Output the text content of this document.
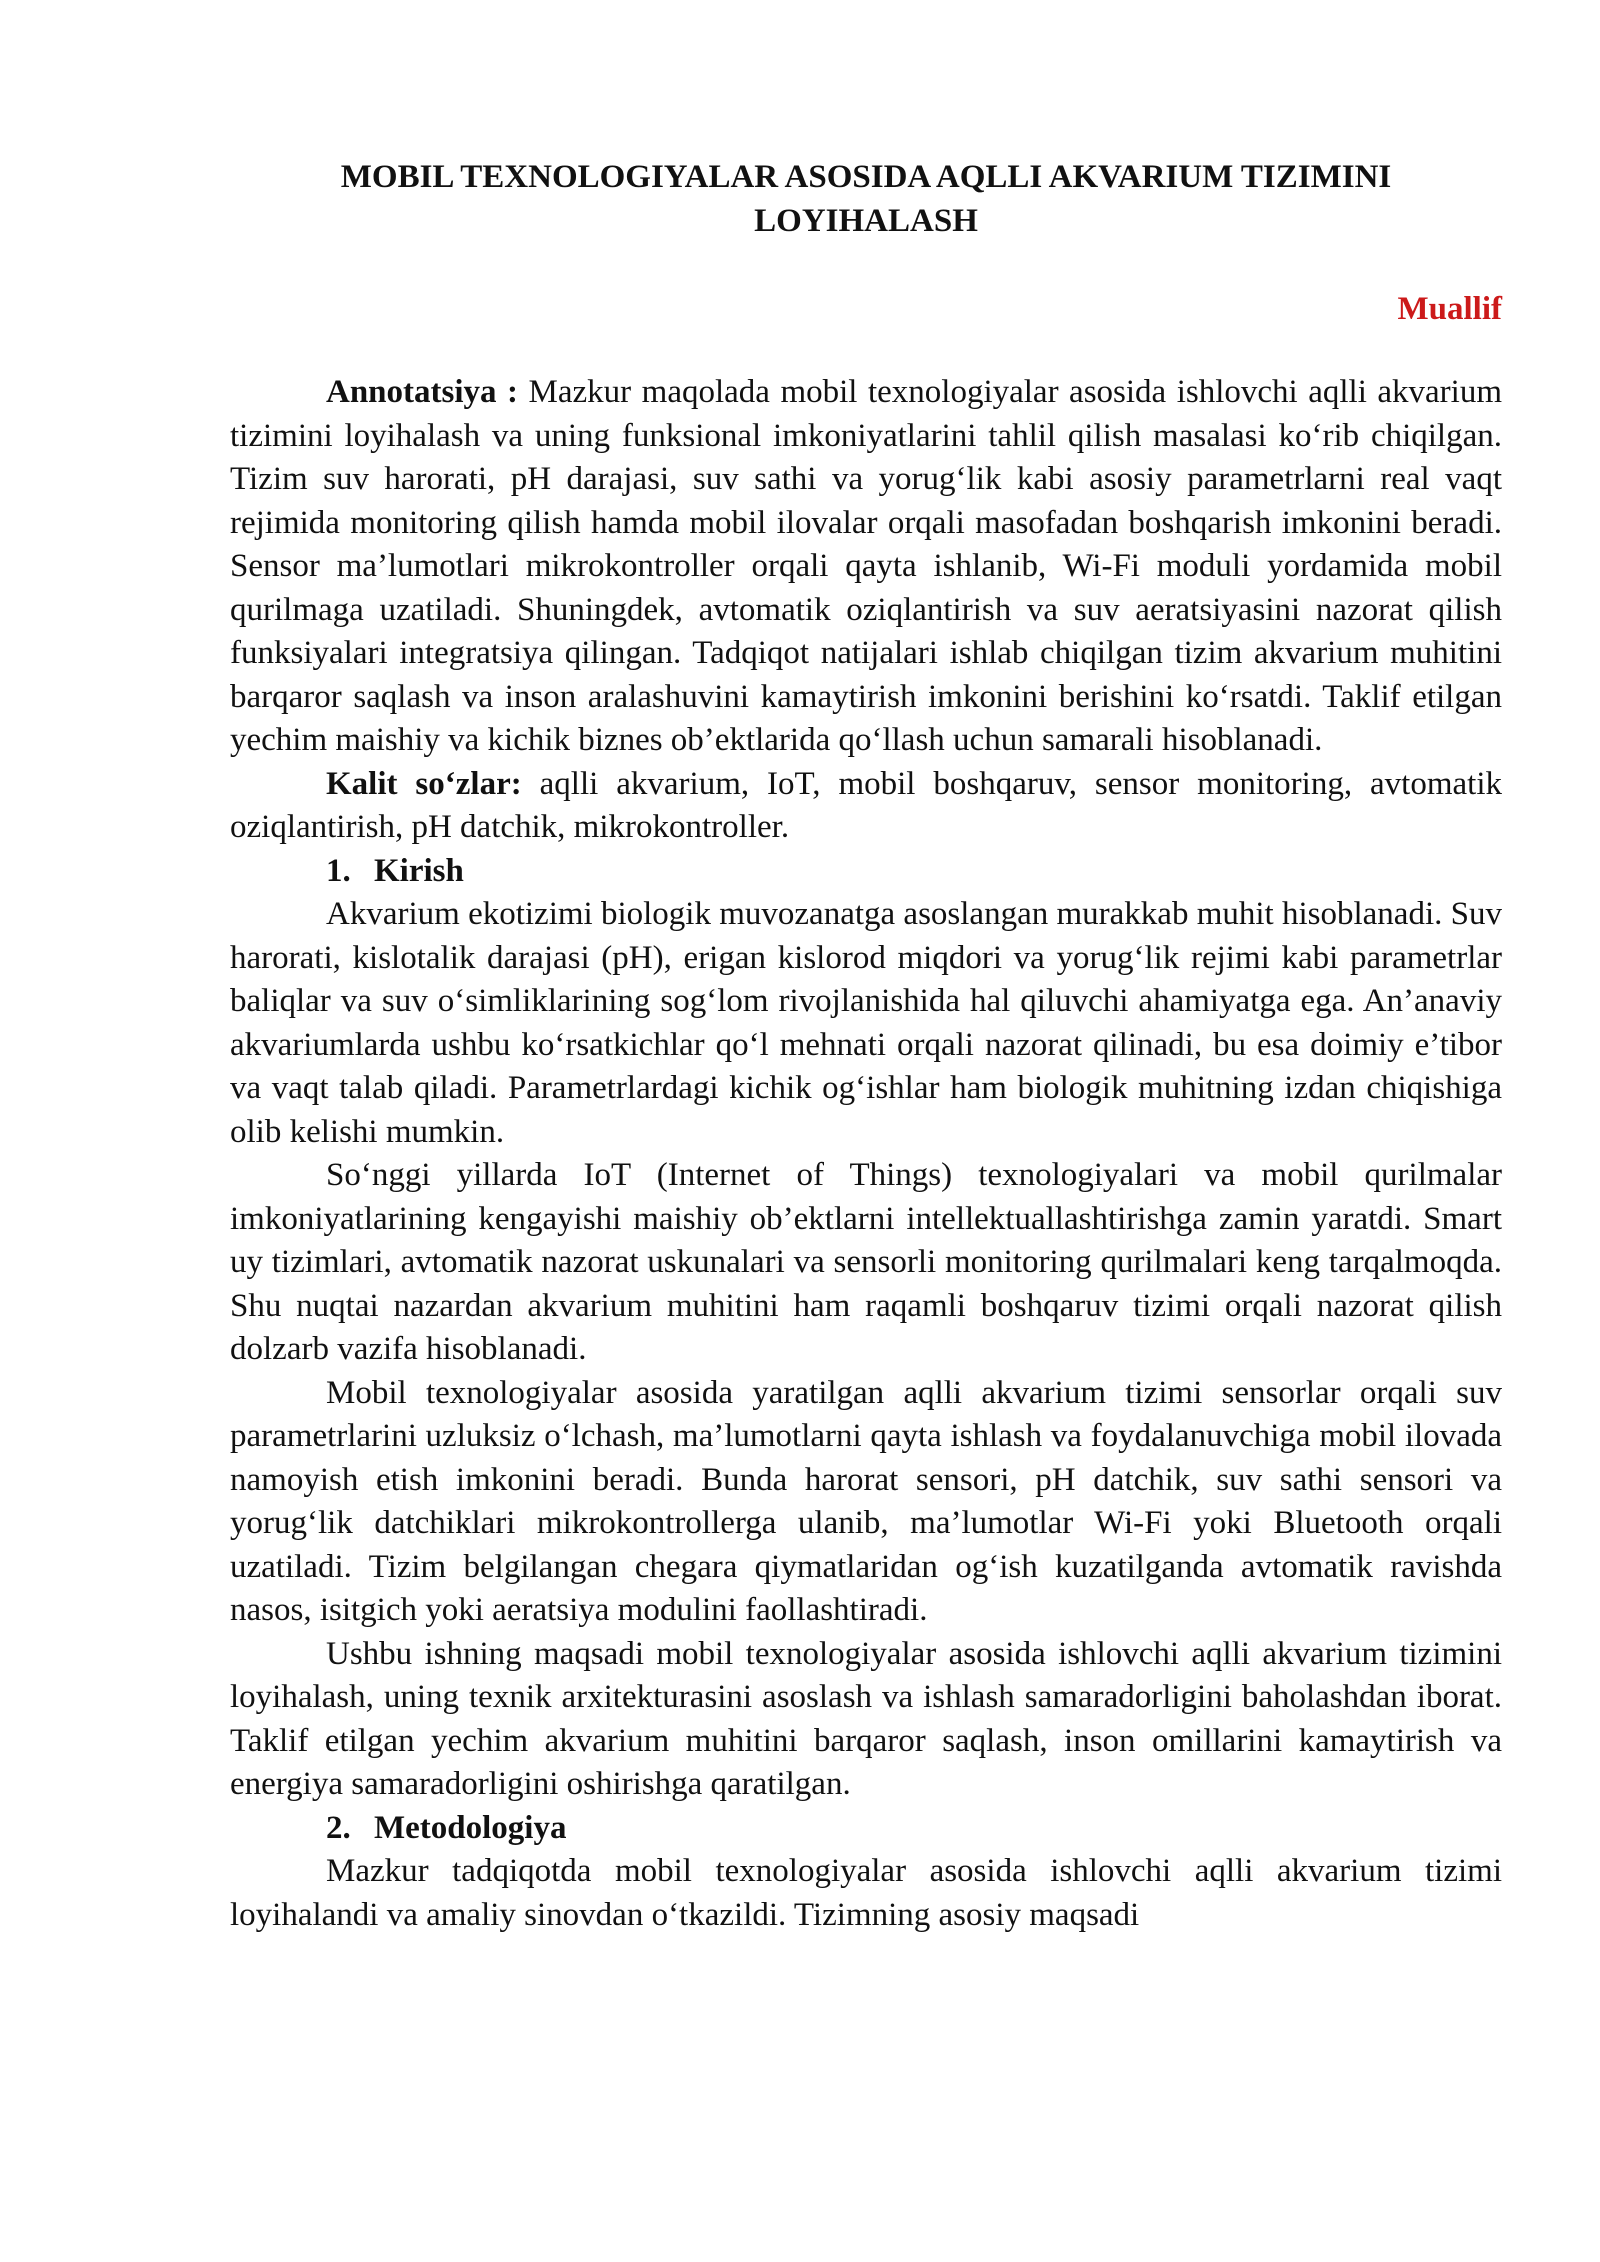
MOBIL TEXNOLOGIYALAR ASOSIDA AQLLI AKVARIUM TIZIMINI
LOYIHALASH
Muallif

Annotatsiya : Mazkur maqolada mobil texnologiyalar asosida ishlovchi aqlli akvarium tizimini loyihalash va uning funksional imkoniyatlarini tahlil qilish masalasi ko‘rib chiqilgan. Tizim suv harorati, pH darajasi, suv sathi va yorug‘lik kabi asosiy parametrlarni real vaqt rejimida monitoring qilish hamda mobil ilovalar orqali masofadan boshqarish imkonini beradi. Sensor ma’lumotlari mikrokontroller orqali qayta ishlanib, Wi-Fi moduli yordamida mobil qurilmaga uzatiladi. Shuningdek, avtomatik oziqlantirish va suv aeratsiyasini nazorat qilish funksiyalari integratsiya qilingan. Tadqiqot natijalari ishlab chiqilgan tizim akvarium muhitini barqaror saqlash va inson aralashuvini kamaytirish imkonini berishini ko‘rsatdi. Taklif etilgan yechim maishiy va kichik biznes ob’ektlarida qo‘llash uchun samarali hisoblanadi.

Kalit so‘zlar: aqlli akvarium, IoT, mobil boshqaruv, sensor monitoring, avtomatik oziqlantirish, pH datchik, mikrokontroller.

1. Kirish

Akvarium ekotizimi biologik muvozanatga asoslangan murakkab muhit hisoblanadi. Suv harorati, kislotalik darajasi (pH), erigan kislorod miqdori va yorug‘lik rejimi kabi parametrlar baliqlar va suv o‘simliklarining sog‘lom rivojlanishida hal qiluvchi ahamiyatga ega. An’anaviy akvariumlarda ushbu ko‘rsatkichlar qo‘l mehnati orqali nazorat qilinadi, bu esa doimiy e’tibor va vaqt talab qiladi. Parametrlardagi kichik og‘ishlar ham biologik muhitning izdan chiqishiga olib kelishi mumkin.

So‘nggi yillarda IoT (Internet of Things) texnologiyalari va mobil qurilmalar imkoniyatlarining kengayishi maishiy ob’ektlarni intellektuallashtirishga zamin yaratdi. Smart uy tizimlari, avtomatik nazorat uskunalari va sensorli monitoring qurilmalari keng tarqalmoqda. Shu nuqtai nazardan akvarium muhitini ham raqamli boshqaruv tizimi orqali nazorat qilish dolzarb vazifa hisoblanadi.

Mobil texnologiyalar asosida yaratilgan aqlli akvarium tizimi sensorlar orqali suv parametrlarini uzluksiz o‘lchash, ma’lumotlarni qayta ishlash va foydalanuvchiga mobil ilovada namoyish etish imkonini beradi. Bunda harorat sensori, pH datchik, suv sathi sensori va yorug‘lik datchiklari mikrokontrollerga ulanib, ma’lumotlar Wi-Fi yoki Bluetooth orqali uzatiladi. Tizim belgilangan chegara qiymatlaridan og‘ish kuzatilganda avtomatik ravishda nasos, isitgich yoki aeratsiya modulini faollashtiradi.

Ushbu ishning maqsadi mobil texnologiyalar asosida ishlovchi aqlli akvarium tizimini loyihalash, uning texnik arxitekturasini asoslash va ishlash samaradorligini baholashdan iborat. Taklif etilgan yechim akvarium muhitini barqaror saqlash, inson omillarini kamaytirish va energiya samaradorligini oshirishga qaratilgan.

2. Metodologiya

Mazkur tadqiqotda mobil texnologiyalar asosida ishlovchi aqlli akvarium tizimi loyihalandi va amaliy sinovdan o‘tkazildi. Tizimning asosiy maqsadi
